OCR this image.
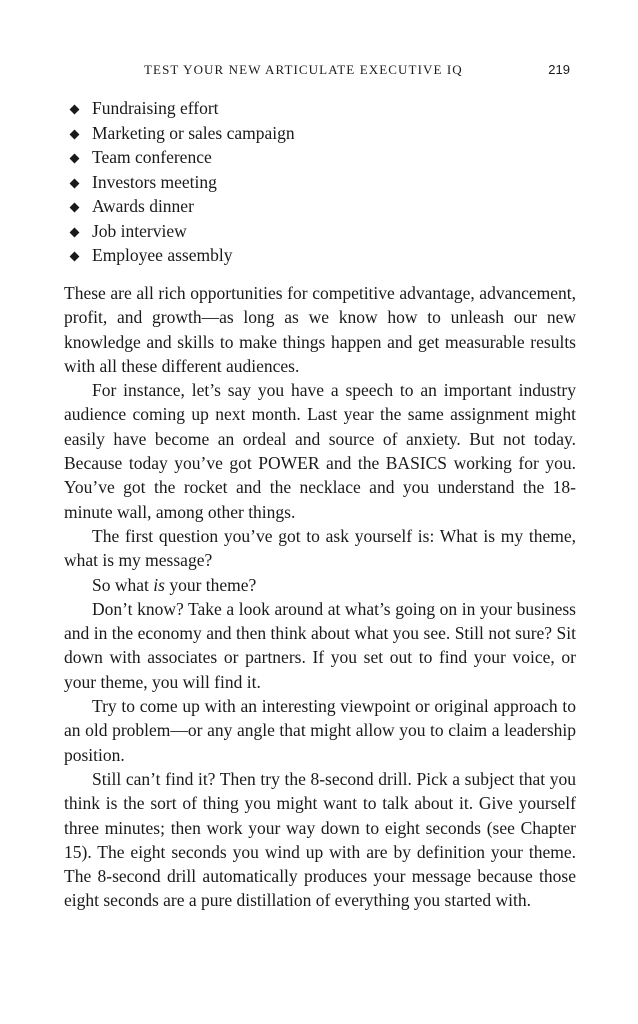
TEST YOUR NEW ARTICULATE EXECUTIVE IQ	219
Fundraising effort
Marketing or sales campaign
Team conference
Investors meeting
Awards dinner
Job interview
Employee assembly

These are all rich opportunities for competitive advantage, advancement, profit, and growth—as long as we know how to unleash our new knowledge and skills to make things happen and get measurable results with all these different audiences.

For instance, let’s say you have a speech to an important industry audience coming up next month. Last year the same assignment might easily have become an ordeal and source of anxiety. But not today. Because today you’ve got POWER and the BASICS working for you. You’ve got the rocket and the necklace and you understand the 18-minute wall, among other things.

The first question you’ve got to ask yourself is: What is my theme, what is my message?

So what is your theme?

Don’t know? Take a look around at what’s going on in your business and in the economy and then think about what you see. Still not sure? Sit down with associates or partners. If you set out to find your voice, or your theme, you will find it.

Try to come up with an interesting viewpoint or original approach to an old problem—or any angle that might allow you to claim a leadership position.

Still can’t find it? Then try the 8-second drill. Pick a subject that you think is the sort of thing you might want to talk about it. Give yourself three minutes; then work your way down to eight seconds (see Chapter 15). The eight seconds you wind up with are by definition your theme. The 8-second drill automatically produces your message because those eight seconds are a pure distillation of everything you started with.
